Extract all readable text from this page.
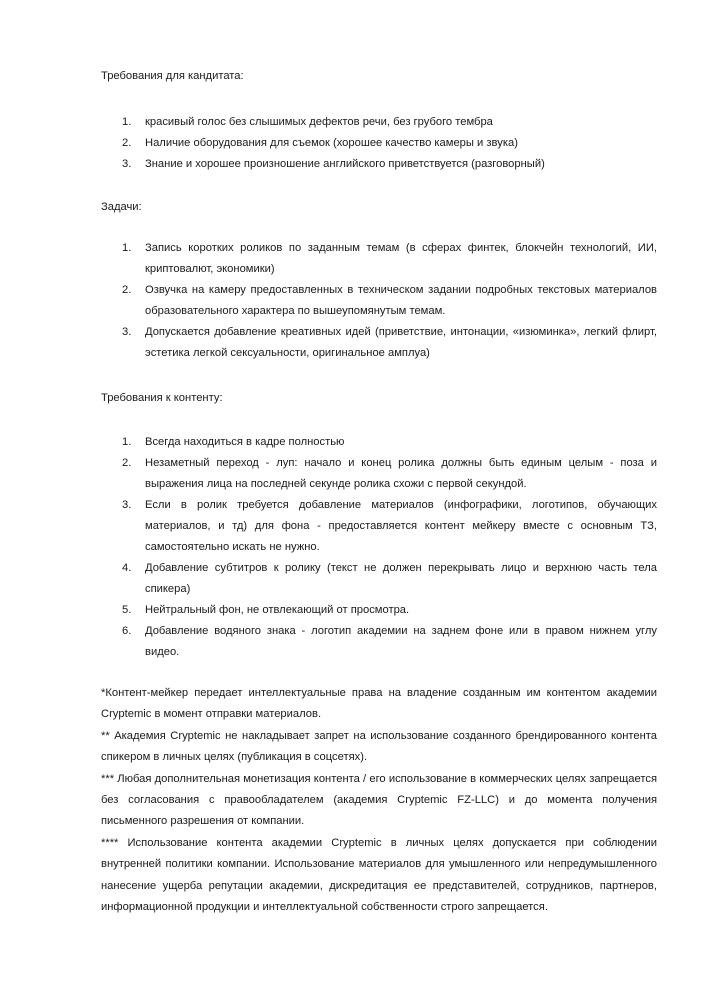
Требования для кандитата:

1. красивый голос без слышимых дефектов речи, без грубого тембра
2. Наличие оборудования для съемок (хорошее качество камеры и звука)
3. Знание и хорошее произношение английского приветствуется (разговорный)

Задачи:

1. Запись коротких роликов по заданным темам (в сферах финтек, блокчейн технологий, ИИ, криптовалют, экономики)
2. Озвучка на камеру предоставленных в техническом задании подробных текстовых материалов образовательного характера по вышеупомянутым темам.
3. Допускается добавление креативных идей (приветствие, интонации, «изюминка», легкий флирт, эстетика легкой сексуальности, оригинальное амплуа)

Требования к контенту:

1. Всегда находиться в кадре полностью
2. Незаметный переход - луп: начало и конец ролика должны быть единым целым - поза и выражения лица на последней секунде ролика схожи с первой секундой.
3. Если в ролик требуется добавление материалов (инфографики, логотипов, обучающих материалов, и тд) для фона - предоставляется контент мейкеру вместе с основным ТЗ, самостоятельно искать не нужно.
4. Добавление субтитров к ролику (текст не должен перекрывать лицо и верхнюю часть тела спикера)
5. Нейтральный фон, не отвлекающий от просмотра.
6. Добавление водяного знака - логотип академии на заднем фоне или в правом нижнем углу видео.

*Контент-мейкер передает интеллектуальные права на владение созданным им контентом академии Cryptemic в момент отправки материалов.

** Академия Cryptemic не накладывает запрет на использование созданного брендированного контента спикером в личных целях (публикация в соцсетях).

*** Любая дополнительная монетизация контента / его использование в коммерческих целях запрещается без согласования с правообладателем (академия Cryptemic FZ-LLC) и до момента получения письменного разрешения от компании.

**** Использование контента академии Cryptemic в личных целях допускается при соблюдении внутренней политики компании. Использование материалов для умышленного или непредумышленного нанесение ущерба репутации академии, дискредитация ее представителей, сотрудников, партнеров, информационной продукции и интеллектуальной собственности строго запрещается.
